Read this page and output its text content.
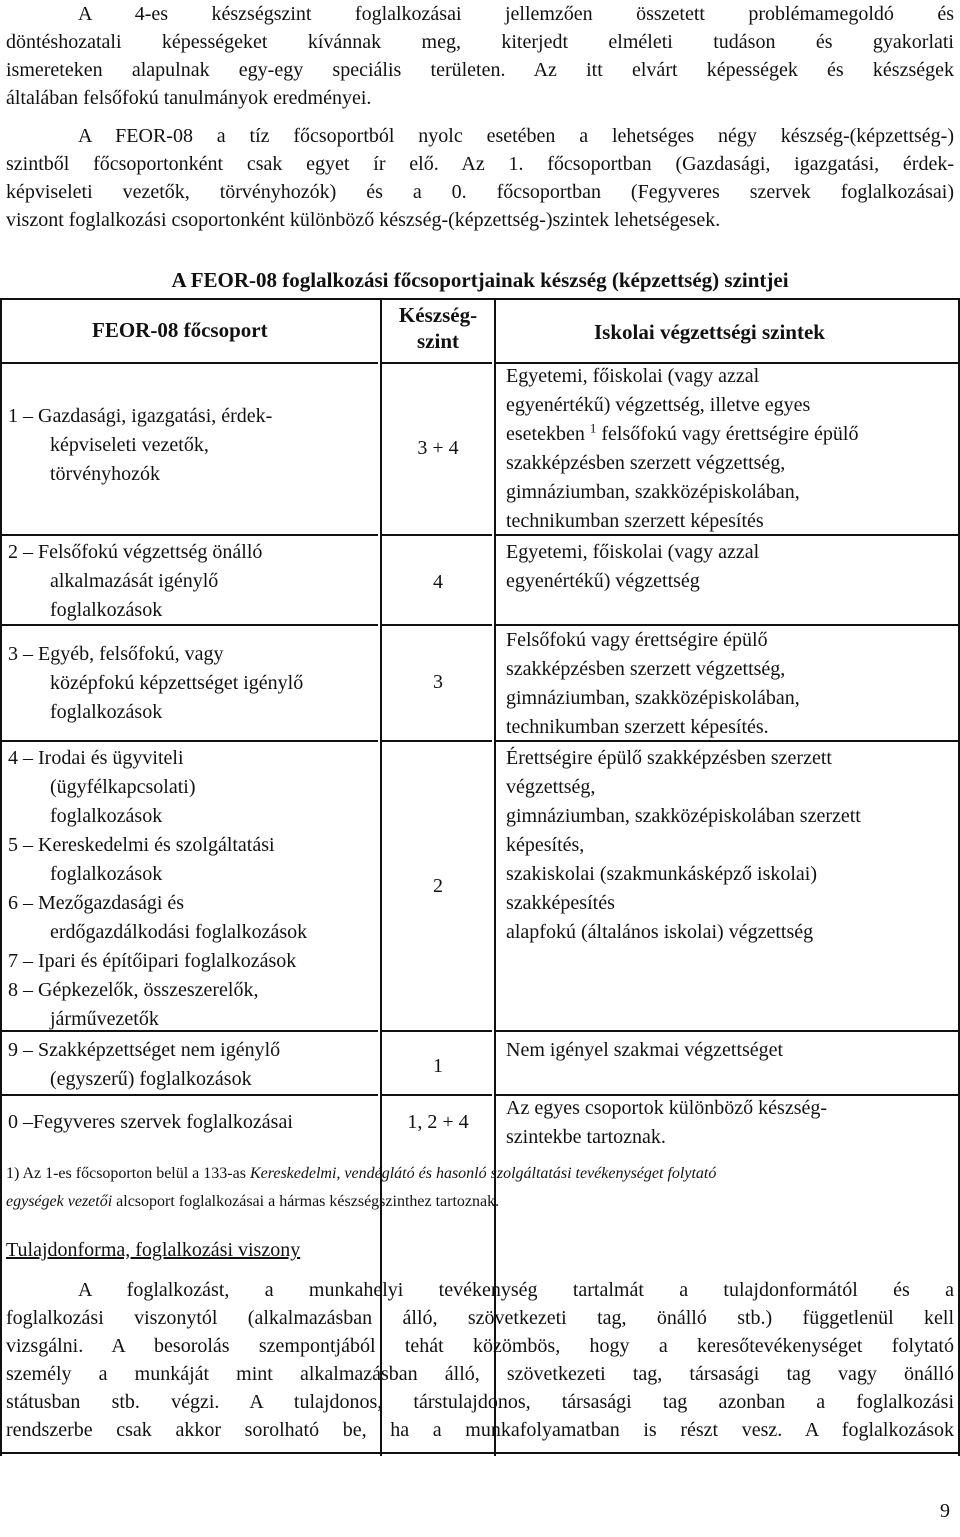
A 4-es készségszint foglalkozásai jellemzően összetett problémamegoldó és
döntéshozatali képességeket kívánnak meg, kiterjedt elméleti tudáson és gyakorlati
ismereteken alapulnak egy-egy speciális területen. Az itt elvárt képességek és készségek
általában felsőfokú tanulmányok eredményei.
A FEOR-08 a tíz főcsoportból nyolc esetében a lehetséges négy készség-(képzettség-)
szintből főcsoportonként csak egyet ír elő. Az 1. főcsoportban (Gazdasági, igazgatási, érdek-
képviseleti vezetők, törvényhozók) és a 0. főcsoportban (Fegyveres szervek foglalkozásai)
viszont foglalkozási csoportonként különböző készség-(képzettség-)szintek lehetségesek.
A FEOR-08 foglalkozási főcsoportjainak készség (képzettség) szintjei
FEOR-08 főcsoport
Készség-
szint	Iskolai végzettségi szintek
1 – Gazdasági, igazgatási, érdek-
képviseleti vezetők,
törvényhozók
3 + 4
Egyetemi, főiskolai (vagy azzal
egyenértékű) végzettség, illetve egyes
esetekben $^1$ felsőfokú vagy érettségire épülő
szakképzésben szerzett végzettség,
gimnáziumban, szakközépiskolában,
technikumban szerzett képesítés
2 – Felsőfokú végzettség önálló
alkalmazását igénylő
foglalkozások
4
Egyetemi, főiskolai (vagy azzal
egyenértékű) végzettség
3 – Egyéb, felsőfokú, vagy
középfokú képzettséget igénylő
foglalkozások
3
Felsőfokú vagy érettségire épülő
szakképzésben szerzett végzettség,
gimnáziumban, szakközépiskolában,
technikumban szerzett képesítés.
4 – Irodai és ügyviteli
(ügyfélkapcsolati)
foglalkozások
5 – Kereskedelmi és szolgáltatási
foglalkozások
6 – Mezőgazdasági és
erdőgazdálkodási foglalkozások
7 – Ipari és építőipari foglalkozások
8 – Gépkezelők, összeszerelők,
járművezetők
2
Érettségire épülő szakképzésben szerzett
végzettség,
gimnáziumban, szakközépiskolában szerzett
képesítés,
szakiskolai (szakmunkásképző iskolai)
szakképesítés
alapfokú (általános iskolai) végzettség
9 – Szakképzettséget nem igénylő
(egyszerű) foglalkozások
1
Nem igényel szakmai végzettséget
0 –Fegyveres szervek foglalkozásai	1, 2 + 4
Az egyes csoportok különböző készség-
szintekbe tartoznak.
1) Az 1-es főcsoporton belül a 133-as Kereskedelmi, vendéglátó és hasonló szolgáltatási tevékenységet folytató
egységek vezetői alcsoport foglalkozásai a hármas készségszinthez tartoznak.
Tulajdonforma, foglalkozási viszony
A foglalkozást, a munkahelyi tevékenység tartalmát a tulajdonformától és a
foglalkozási viszonytól (alkalmazásban álló, szövetkezeti tag, önálló stb.) függetlenül kell
vizsgálni. A besorolás szempontjából tehát közömbös, hogy a keresőtevékenységet folytató
személy a munkáját mint alkalmazásban álló, szövetkezeti tag, társasági tag vagy önálló
státusban stb. végzi. A tulajdonos, társtulajdonos, társasági tag azonban a foglalkozási
rendszerbe csak akkor sorolható be, ha a munkafolyamatban is részt vesz. A foglalkozások
9
